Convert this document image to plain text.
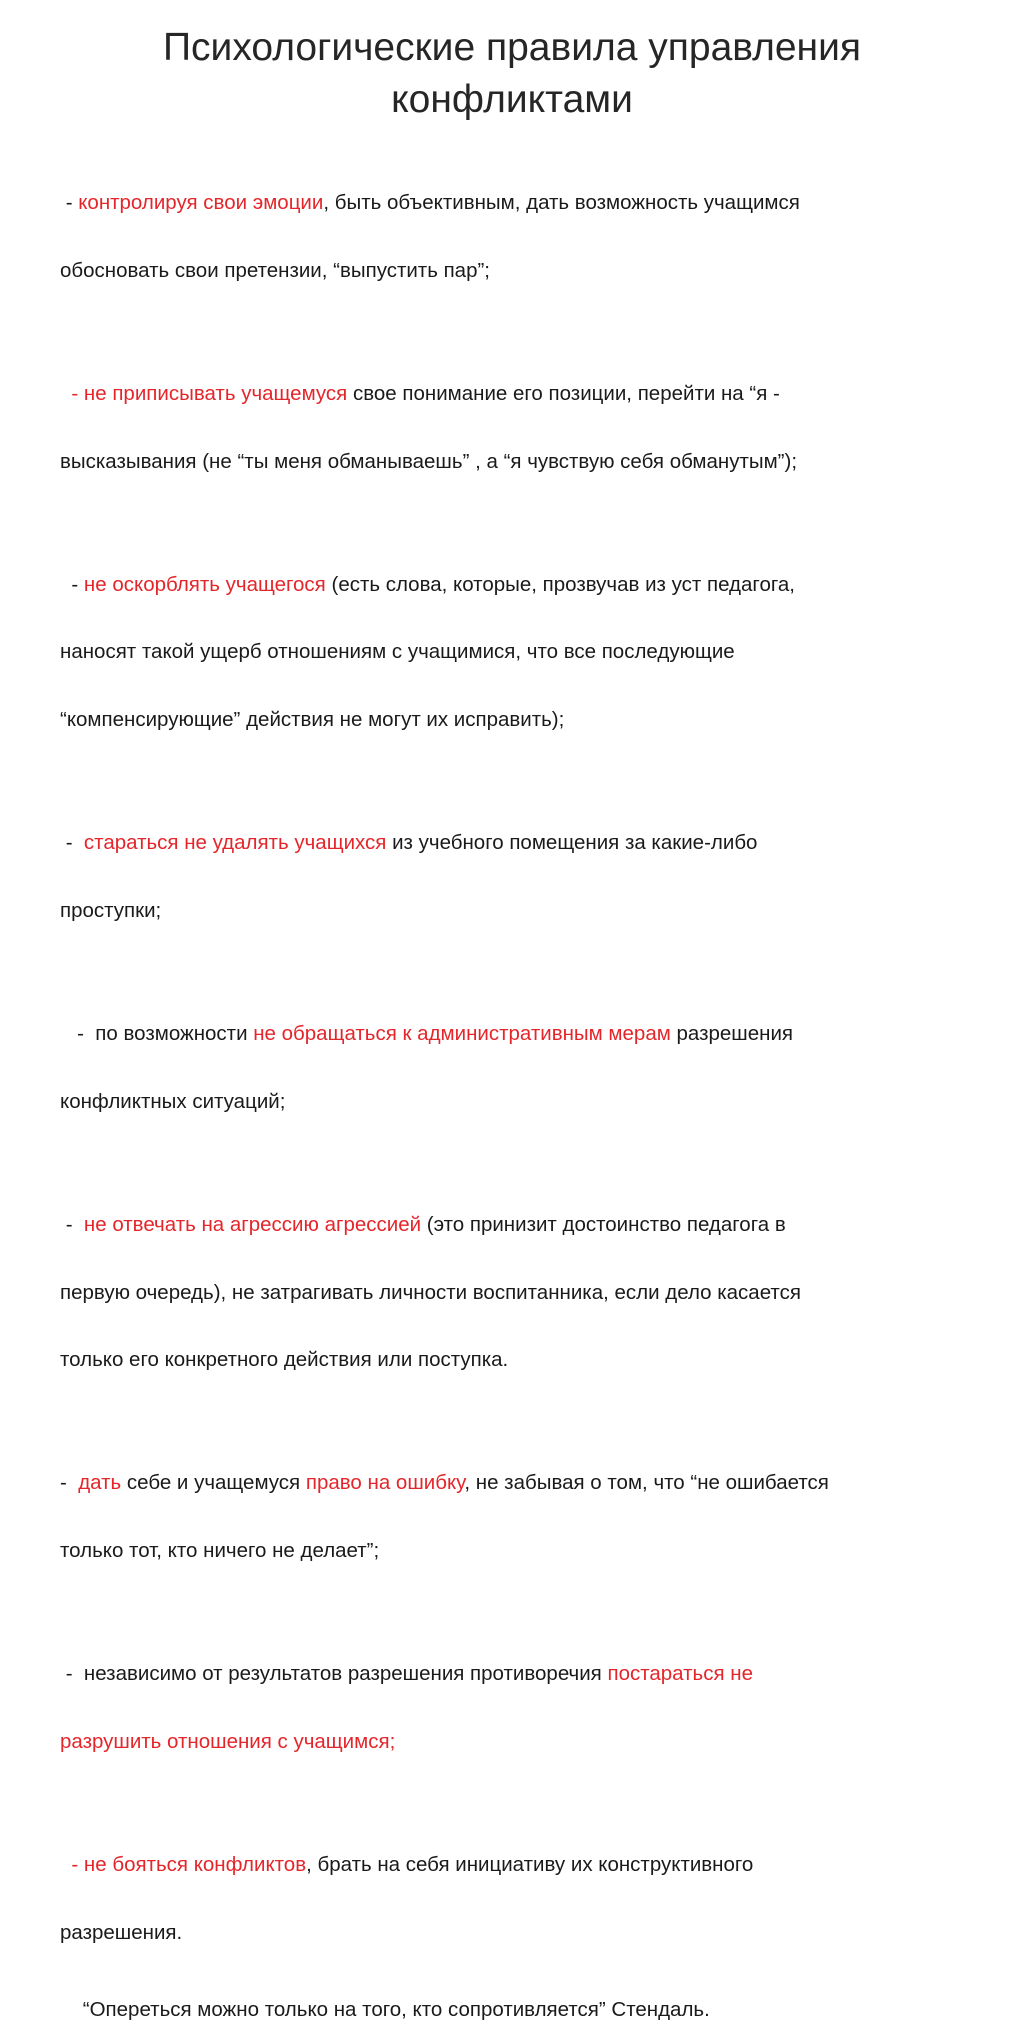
Психологические правила управления
конфликтами

- контролируя свои эмоции, быть объективным, дать возможность учащимся

обосновать свои претензии, “выпустить пар”;

- не приписывать учащемуся свое понимание его позиции, перейти на “я -

высказывания (не “ты меня обманываешь” , а “я чувствую себя обманутым”);

- не оскорблять учащегося (есть слова, которые, прозвучав из уст педагога,

наносят такой ущерб отношениям с учащимися, что все последующие

“компенсирующие” действия не могут их исправить);

-  стараться не удалять учащихся из учебного помещения за какие-либо

проступки;

-  по возможности не обращаться к административным мерам разрешения

конфликтных ситуаций;

-  не отвечать на агрессию агрессией (это принизит достоинство педагога в

первую очередь), не затрагивать личности воспитанника, если дело касается

только его конкретного действия или поступка.

-  дать себе и учащемуся право на ошибку, не забывая о том, что “не ошибается

только тот, кто ничего не делает”;

-  независимо от результатов разрешения противоречия постараться не

разрушить отношения с учащимся;

- не бояться конфликтов, брать на себя инициативу их конструктивного

разрешения.

“Опереться можно только на того, кто сопротивляется” Стендаль.
